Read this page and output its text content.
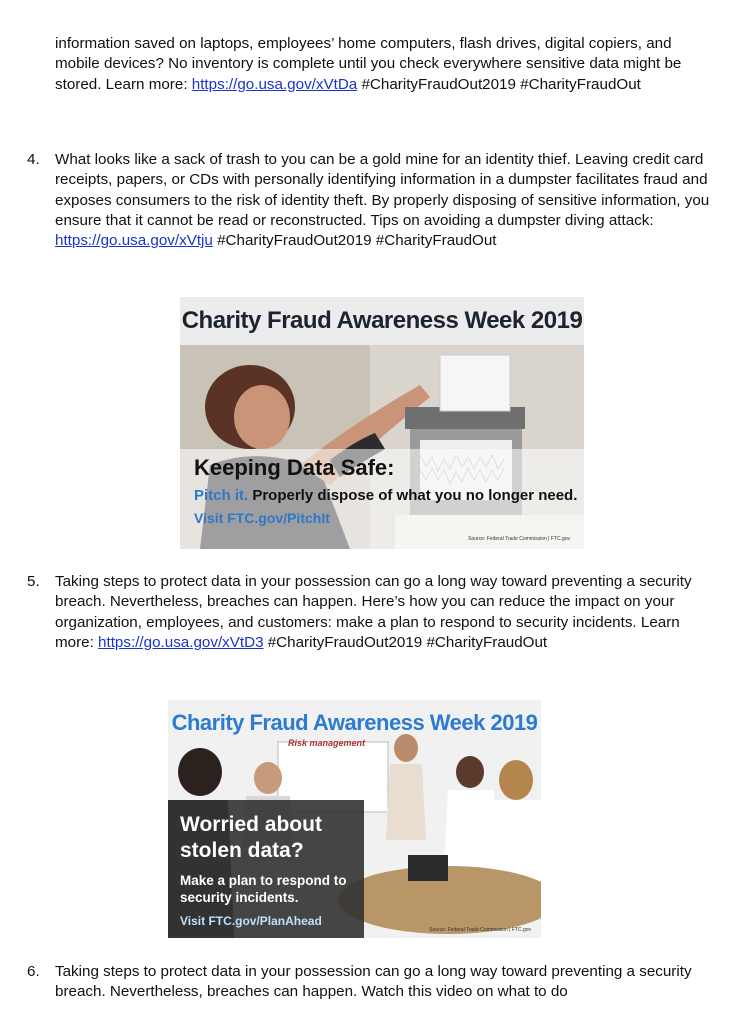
information saved on laptops, employees’ home computers, flash drives, digital copiers, and mobile devices? No inventory is complete until you check everywhere sensitive data might be stored. Learn more: https://go.usa.gov/xVtDa #CharityFraudOut2019 #CharityFraudOut
4. What looks like a sack of trash to you can be a gold mine for an identity thief. Leaving credit card receipts, papers, or CDs with personally identifying information in a dumpster facilitates fraud and exposes consumers to the risk of identity theft. By properly disposing of sensitive information, you ensure that it cannot be read or reconstructed. Tips on avoiding a dumpster diving attack: https://go.usa.gov/xVtju #CharityFraudOut2019 #CharityFraudOut
Charity Fraud Awareness Week 2019
Keeping Data Safe:
Pitch it. Properly dispose of what you no longer need.
Visit FTC.gov/PitchIt
Source: Federal Trade Commission | FTC.gov
5. Taking steps to protect data in your possession can go a long way toward preventing a security breach. Nevertheless, breaches can happen. Here’s how you can reduce the impact on your organization, employees, and customers: make a plan to respond to security incidents. Learn more: https://go.usa.gov/xVtD3 #CharityFraudOut2019 #CharityFraudOut
Charity Fraud Awareness Week 2019
Risk management
Worried about stolen data?
Make a plan to respond to security incidents.
Visit FTC.gov/PlanAhead
Source: Federal Trade Commission | FTC.gov
6. Taking steps to protect data in your possession can go a long way toward preventing a security breach. Nevertheless, breaches can happen. Watch this video on what to do
